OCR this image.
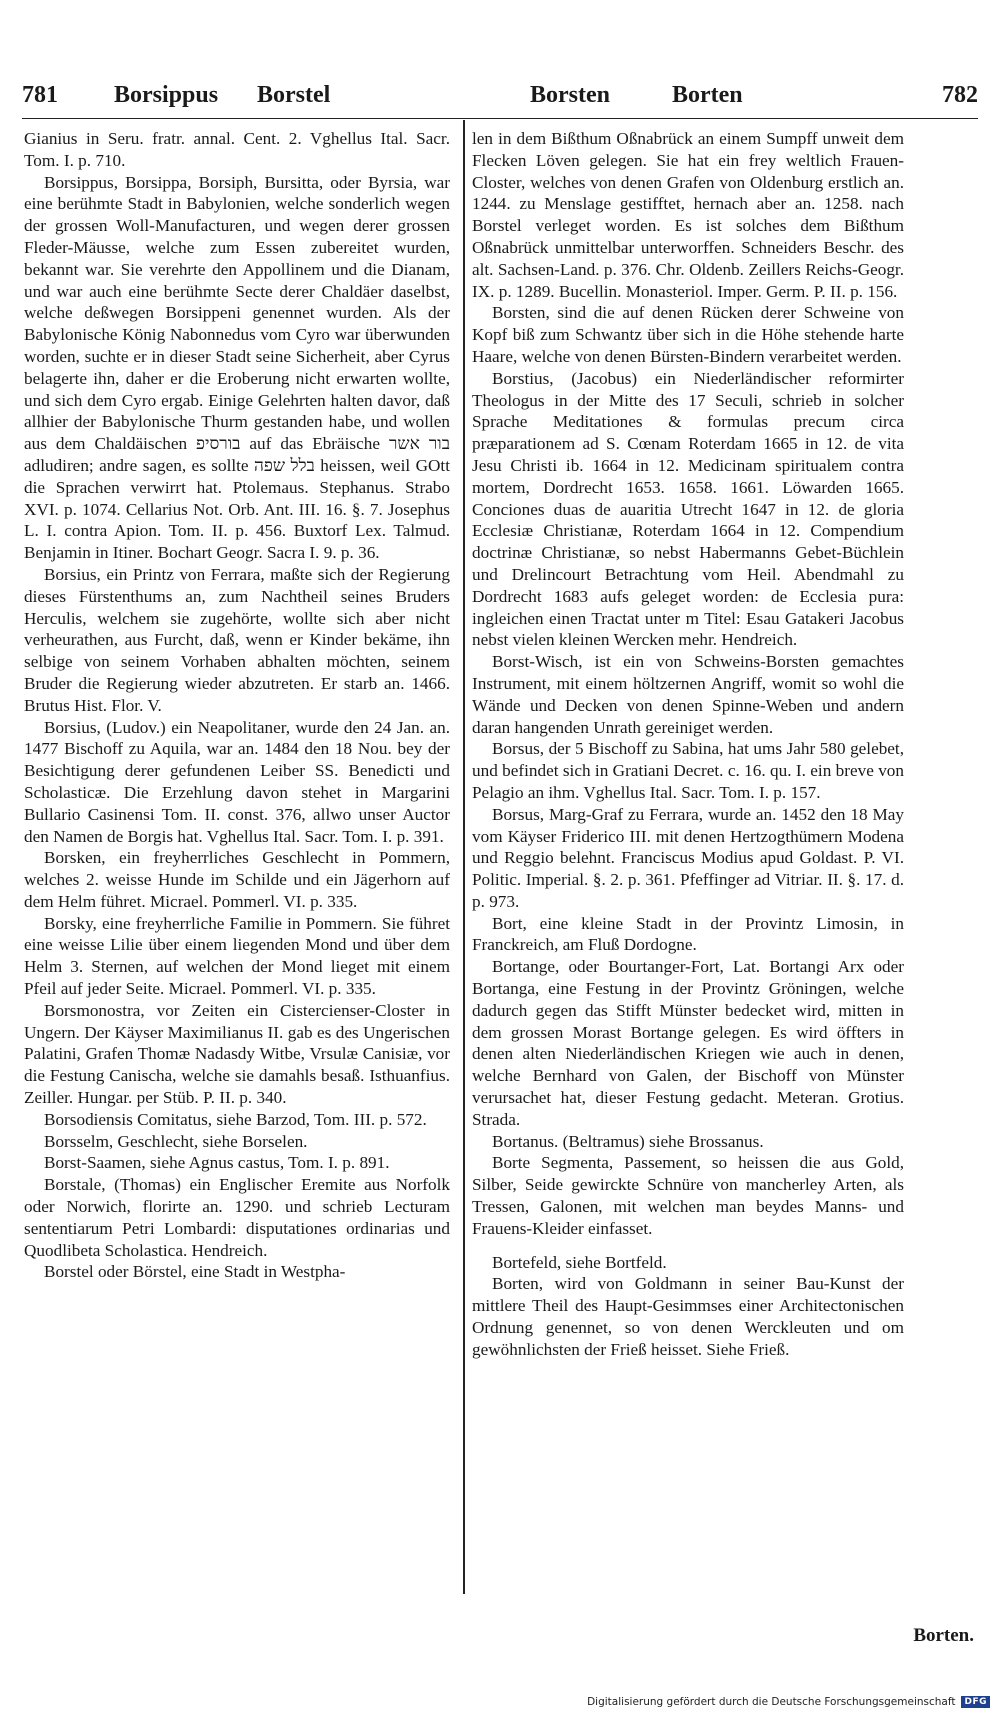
781 Borsippus Borstel	Borsten	Borten	782

Gianius in Seru. fratr. annal. Cent. 2. Vghellus Ital. Sacr. Tom. I. p. 710.

Borsippus, Borsippa, Borsiph, Bursitta, oder Byrsia, war eine berühmte Stadt in Babylonien, welche sonderlich wegen der grossen Woll-Manufacturen, und wegen derer grossen Fleder-Mäusse, welche zum Essen zubereitet wurden, bekannt war. Sie verehrte den Appollinem und die Dianam, und war auch eine berühmte Secte derer Chaldäer daselbst, welche deßwegen Borsippeni genennet wurden. Als der Babylonische König Nabonnedus vom Cyro war überwunden worden, suchte er in dieser Stadt seine Sicherheit, aber Cyrus belagerte ihn, daher er die Eroberung nicht erwarten wollte, und sich dem Cyro ergab. Einige Gelehrten halten davor, daß allhier der Babylonische Thurm gestanden habe, und wollen aus dem Chaldäischen בורסיפ auf das Ebräische בור אשר adludiren; andre sagen, es sollte בלל שפה heissen, weil GOtt die Sprachen verwirrt hat. Ptolemaus. Stephanus. Strabo XVI. p. 1074. Cellarius Not. Orb. Ant. III. 16. §. 7. Josephus L. I. contra Apion. Tom. II. p. 456. Buxtorf Lex. Talmud. Benjamin in Itiner. Bochart Geogr. Sacra I. 9. p. 36.

Borsius, ein Printz von Ferrara, maßte sich der Regierung dieses Fürstenthums an, zum Nachtheil seines Bruders Herculis, welchem sie zugehörte, wollte sich aber nicht verheurathen, aus Furcht, daß, wenn er Kinder bekäme, ihn selbige von seinem Vorhaben abhalten möchten, seinem Bruder die Regierung wieder abzutreten. Er starb an. 1466. Brutus Hist. Flor. V.

Borsius, (Ludov.) ein Neapolitaner, wurde den 24 Jan. an. 1477 Bischoff zu Aquila, war an. 1484 den 18 Nou. bey der Besichtigung derer gefundenen Leiber SS. Benedicti und Scholasticæ. Die Erzehlung davon stehet in Margarini Bullario Casinensi Tom. II. const. 376, allwo unser Auctor den Namen de Borgis hat. Vghellus Ital. Sacr. Tom. I. p. 391.

Borsken, ein freyherrliches Geschlecht in Pommern, welches 2. weisse Hunde im Schilde und ein Jägerhorn auf dem Helm führet. Micrael. Pommerl. VI. p. 335.

Borsky, eine freyherrliche Familie in Pommern. Sie führet eine weisse Lilie über einem liegenden Mond und über dem Helm 3. Sternen, auf welchen der Mond lieget mit einem Pfeil auf jeder Seite. Micrael. Pommerl. VI. p. 335.

Borsmonostra, vor Zeiten ein Cistercienser-Closter in Ungern. Der Käyser Maximilianus II. gab es des Ungerischen Palatini, Grafen Thomæ Nadasdy Witbe, Vrsulæ Canisiæ, vor die Festung Canischa, welche sie damahls besaß. Isthuanfius. Zeiller. Hungar. per Stüb. P. II. p. 340.

Borsodiensis Comitatus, siehe Barzod, Tom. III. p. 572.

Borsselm, Geschlecht, siehe Borselen.

Borst-Saamen, siehe Agnus castus, Tom. I. p. 891.

Borstale, (Thomas) ein Englischer Eremite aus Norfolk oder Norwich, florirte an. 1290. und schrieb Lecturam sententiarum Petri Lombardi: disputationes ordinarias und Quodlibeta Scholastica. Hendreich.

Borstel oder Börstel, eine Stadt in Westpha-

len in dem Bißthum Oßnabrück an einem Sumpff unweit dem Flecken Löven gelegen. Sie hat ein frey weltlich Frauen-Closter, welches von denen Grafen von Oldenburg erstlich an. 1244. zu Menslage gestifftet, hernach aber an. 1258. nach Borstel verleget worden. Es ist solches dem Bißthum Oßnabrück unmittelbar unterworffen. Schneiders Beschr. des alt. Sachsen-Land. p. 376. Chr. Oldenb. Zeillers Reichs-Geogr. IX. p. 1289. Bucellin. Monasteriol. Imper. Germ. P. II. p. 156.

Borsten, sind die auf denen Rücken derer Schweine von Kopf biß zum Schwantz über sich in die Höhe stehende harte Haare, welche von denen Bürsten-Bindern verarbeitet werden.

Borstius, (Jacobus) ein Niederländischer reformirter Theologus in der Mitte des 17 Seculi, schrieb in solcher Sprache Meditationes & formulas precum circa præparationem ad S. Cœnam Roterdam 1665 in 12. de vita Jesu Christi ib. 1664 in 12. Medicinam spiritualem contra mortem, Dordrecht 1653. 1658. 1661. Löwarden 1665. Conciones duas de auaritia Utrecht 1647 in 12. de gloria Ecclesiæ Christianæ, Roterdam 1664 in 12. Compendium doctrinæ Christianæ, so nebst Habermanns Gebet-Büchlein und Drelincourt Betrachtung vom Heil. Abendmahl zu Dordrecht 1683 aufs geleget worden: de Ecclesia pura: ingleichen einen Tractat unter m Titel: Esau Gatakeri Jacobus nebst vielen kleinen Wercken mehr. Hendreich.

Borst-Wisch, ist ein von Schweins-Borsten gemachtes Instrument, mit einem höltzernen Angriff, womit so wohl die Wände und Decken von denen Spinne-Weben und andern daran hangenden Unrath gereiniget werden.

Borsus, der 5 Bischoff zu Sabina, hat ums Jahr 580 gelebet, und befindet sich in Gratiani Decret. c. 16. qu. I. ein breve von Pelagio an ihm. Vghellus Ital. Sacr. Tom. I. p. 157.

Borsus, Marg-Graf zu Ferrara, wurde an. 1452 den 18 May vom Käyser Friderico III. mit denen Hertzogthümern Modena und Reggio belehnt. Franciscus Modius apud Goldast. P. VI. Politic. Imperial. §. 2. p. 361. Pfeffinger ad Vitriar. II. §. 17. d. p. 973.

Bort, eine kleine Stadt in der Provintz Limosin, in Franckreich, am Fluß Dordogne.

Bortange, oder Bourtanger-Fort, Lat. Bortangi Arx oder Bortanga, eine Festung in der Provintz Gröningen, welche dadurch gegen das Stifft Münster bedecket wird, mitten in dem grossen Morast Bortange gelegen. Es wird öffters in denen alten Niederländischen Kriegen wie auch in denen, welche Bernhard von Galen, der Bischoff von Münster verursachet hat, dieser Festung gedacht. Meteran. Grotius. Strada.

Bortanus. (Beltramus) siehe Brossanus.

Borte Segmenta, Passement, so heissen die aus Gold, Silber, Seide gewirckte Schnüre von mancherley Arten, als Tressen, Galonen, mit welchen man beydes Manns- und Frauens-Kleider einfasset.

Bortefeld, siehe Bortfeld.

Borten, wird von Goldmann in seiner Bau-Kunst der mittlere Theil des Haupt-Gesimmses einer Architectonischen Ordnung genennet, so von denen Werckleuten und om gewöhnlichsten der Frieß heisset. Siehe Frieß.

Borten.
Digitalisierung gefördert durch die Deutsche Forschungsgemeinschaft	DFG
